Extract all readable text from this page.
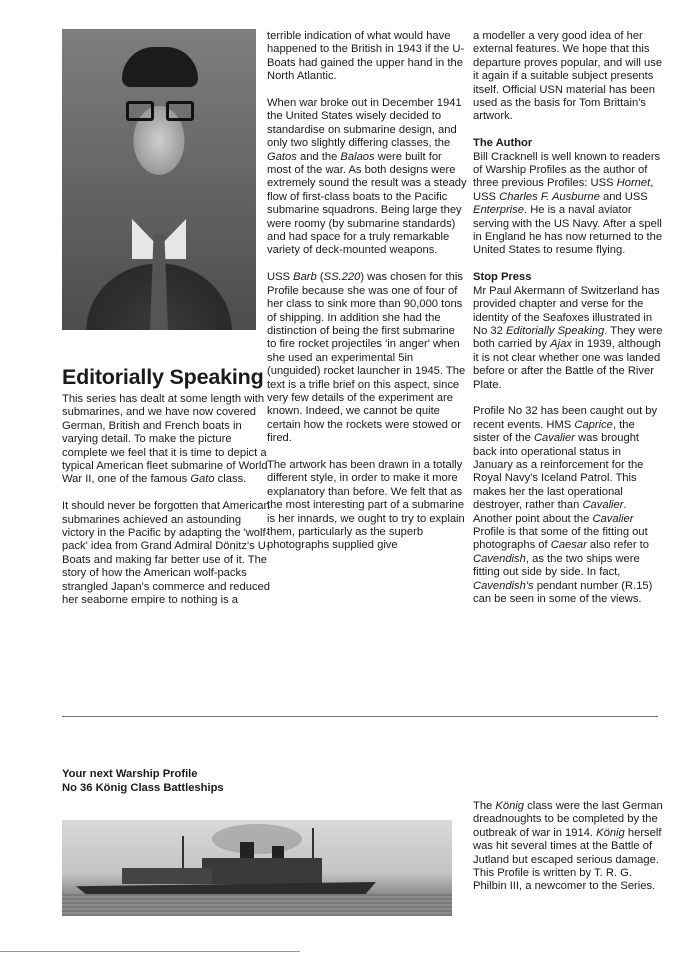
Editorially Speaking

This series has dealt at some length with submarines, and we have now covered German, British and French boats in varying detail. To make the picture complete we feel that it is time to depict a typical American fleet submarine of World War II, one of the famous Gato class.

It should never be forgotten that American submarines achieved an astounding victory in the Pacific by adapting the 'wolf-pack' idea from Grand Admiral Dönitz's U-Boats and making far better use of it. The story of how the American wolf-packs strangled Japan's commerce and reduced her seaborne empire to nothing is a

terrible indication of what would have happened to the British in 1943 if the U-Boats had gained the upper hand in the North Atlantic.

When war broke out in December 1941 the United States wisely decided to standardise on submarine design, and only two slightly differing classes, the Gatos and the Balaos were built for most of the war. As both designs were extremely sound the result was a steady flow of first-class boats to the Pacific submarine squadrons. Being large they were roomy (by submarine standards) and had space for a truly remarkable variety of deck-mounted weapons.

USS Barb (SS.220) was chosen for this Profile because she was one of four of her class to sink more than 90,000 tons of shipping. In addition she had the distinction of being the first submarine to fire rocket projectiles 'in anger' when she used an experimental 5in (unguided) rocket launcher in 1945. The text is a trifle brief on this aspect, since very few details of the experiment are known. Indeed, we cannot be quite certain how the rockets were stowed or fired.

The artwork has been drawn in a totally different style, in order to make it more explanatory than before. We felt that as the most interesting part of a submarine is her innards, we ought to try to explain them, particularly as the superb photographs supplied give

a modeller a very good idea of her external features. We hope that this departure proves popular, and will use it again if a suitable subject presents itself. Official USN material has been used as the basis for Tom Brittain's artwork.

The Author

Bill Cracknell is well known to readers of Warship Profiles as the author of three previous Profiles: USS Hornet, USS Charles F. Ausburne and USS Enterprise. He is a naval aviator serving with the US Navy. After a spell in England he has now returned to the United States to resume flying.

Stop Press

Mr Paul Akermann of Switzerland has provided chapter and verse for the identity of the Seafoxes illustrated in No 32 Editorially Speaking. They were both carried by Ajax in 1939, although it is not clear whether one was landed before or after the Battle of the River Plate.

Profile No 32 has been caught out by recent events. HMS Caprice, the sister of the Cavalier was brought back into operational status in January as a reinforcement for the Royal Navy's Iceland Patrol. This makes her the last operational destroyer, rather than Cavalier. Another point about the Cavalier Profile is that some of the fitting out photographs of Caesar also refer to Cavendish, as the two ships were fitting out side by side. In fact, Cavendish's pendant number (R.15) can be seen in some of the views.

Your next Warship Profile
No 36 König Class Battleships

The König class were the last German dreadnoughts to be completed by the outbreak of war in 1914. König herself was hit several times at the Battle of Jutland but escaped serious damage. This Profile is written by T. R. G. Philbin III, a newcomer to the Series.
